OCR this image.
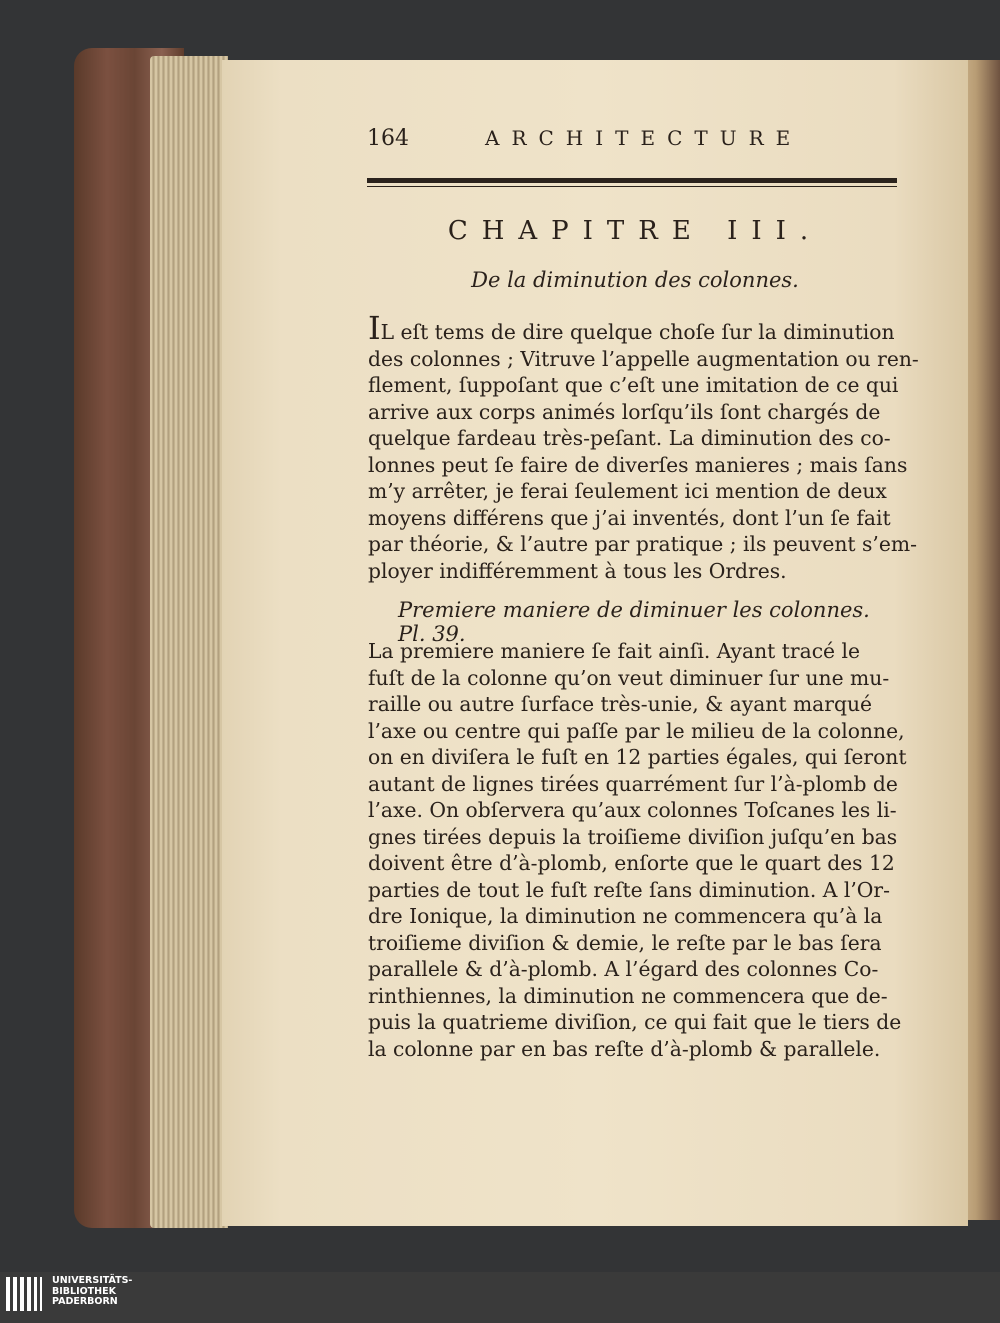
164	ARCHITECTURE
CHAPITRE III.
De la diminution des colonnes.
IL eſt tems de dire quelque choſe ſur la diminution
des colonnes ; Vitruve l’appelle augmentation ou ren-
flement, ſuppoſant que c’eſt une imitation de ce qui
arrive aux corps animés lorſqu’ils ſont chargés de
quelque fardeau très-peſant. La diminution des co-
lonnes peut ſe faire de diverſes manieres ; mais ſans
m’y arrêter, je ferai ſeulement ici mention de deux
moyens différens que j’ai inventés, dont l’un ſe fait
par théorie, & l’autre par pratique ; ils peuvent s’em-
ployer indifféremment à tous les Ordres.
Premiere maniere de diminuer les colonnes. Pl. 39.
La premiere maniere ſe fait ainſi. Ayant tracé le
fuſt de la colonne qu’on veut diminuer ſur une mu-
raille ou autre ſurface très-unie, & ayant marqué
l’axe ou centre qui paſſe par le milieu de la colonne,
on en diviſera le fuſt en 12 parties égales, qui ſeront
autant de lignes tirées quarrément ſur l’à-plomb de
l’axe. On obſervera qu’aux colonnes Toſcanes les li-
gnes tirées depuis la troiſieme diviſion juſqu’en bas
doivent être d’à-plomb, enſorte que le quart des 12
parties de tout le fuſt reſte ſans diminution. A l’Or-
dre Ionique, la diminution ne commencera qu’à la
troiſieme diviſion & demie, le reſte par le bas ſera
parallele & d’à-plomb. A l’égard des colonnes Co-
rinthiennes, la diminution ne commencera que de-
puis la quatrieme diviſion, ce qui fait que le tiers de
la colonne par en bas reſte d’à-plomb & parallele.
UNIVERSITÄTS-
BIBLIOTHEK
PADERBORN
